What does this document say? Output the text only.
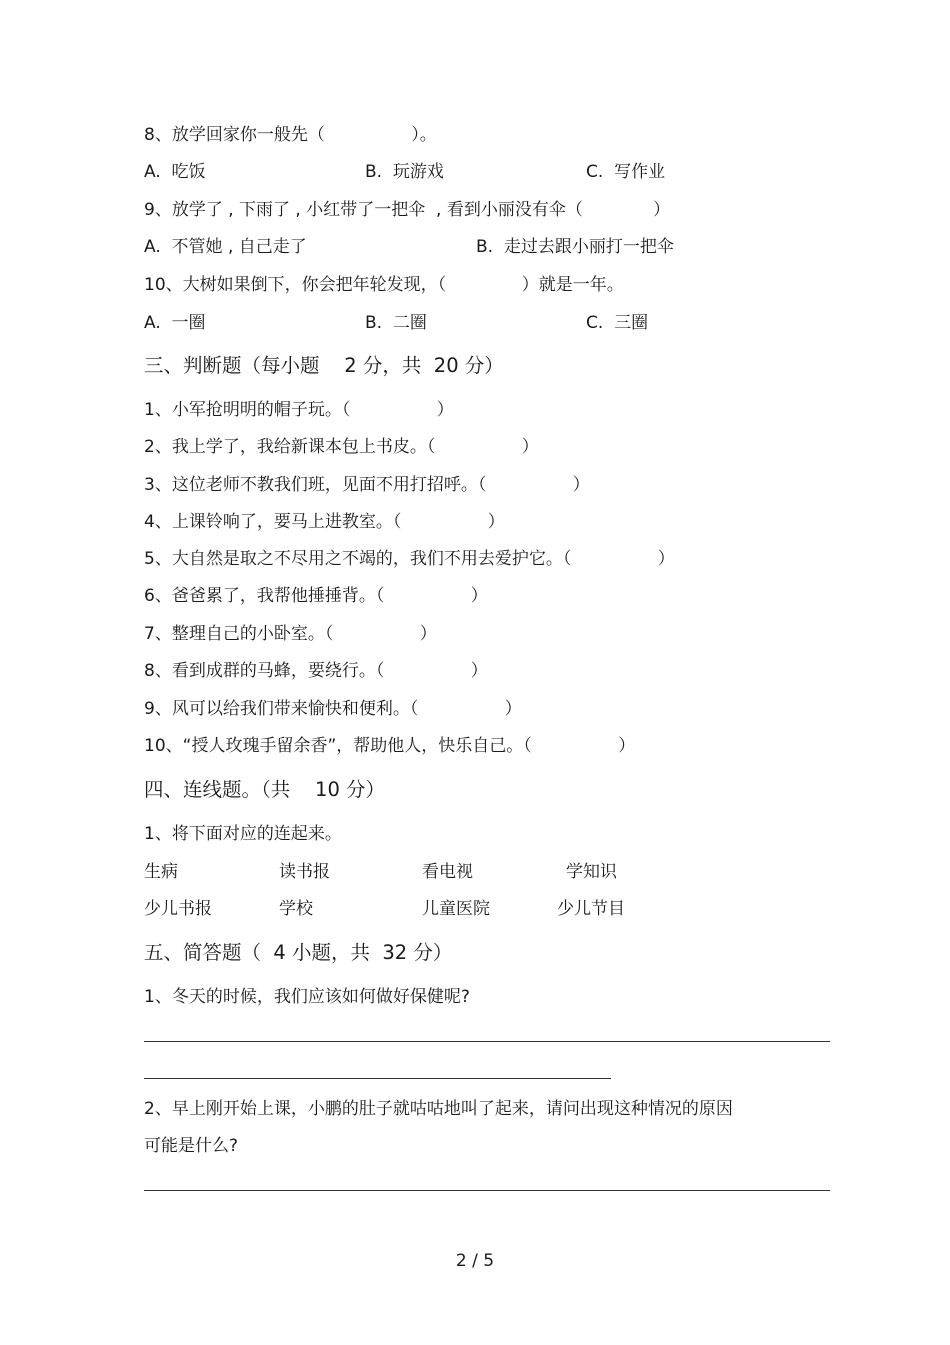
8、放学回家你一般先（                ）。
A.  吃饭	B.  玩游戏	C.  写作业
9、放学了 , 下雨了 , 小红带了一把伞  , 看到小丽没有伞（             ）
A.  不管她 , 自己走了	B.  走过去跟小丽打一把伞
10、大树如果倒下，你会把年轮发现，（              ）就是一年。
A.  一圈	B.  二圈	C.  三圈
三、判断题（每小题    2 分，共  20 分）
1、小军抢明明的帽子玩。（                ）
2、我上学了，我给新课本包上书皮。（                ）
3、这位老师不教我们班，见面不用打招呼。（                ）
4、上课铃响了，要马上进教室。（                ）
5、大自然是取之不尽用之不竭的，我们不用去爱护它。（                ）
6、爸爸累了，我帮他捶捶背。（                ）
7、整理自己的小卧室。（                ）
8、看到成群的马蜂，要绕行。（                ）
9、风可以给我们带来愉快和便利。（                ）
10、“授人玫瑰手留余香”，帮助他人，快乐自己。（                ）
四、连线题。（共    10 分）
1、将下面对应的连起来。
生病	读书报	看电视	学知识
少儿书报	学校	儿童医院	少儿节目
五、简答题（  4 小题，共  32 分）
1、冬天的时候，我们应该如何做好保健呢?
2、早上刚开始上课，小鹏的肚子就咕咕地叫了起来，请问出现这种情况的原因
可能是什么?
2 / 5
